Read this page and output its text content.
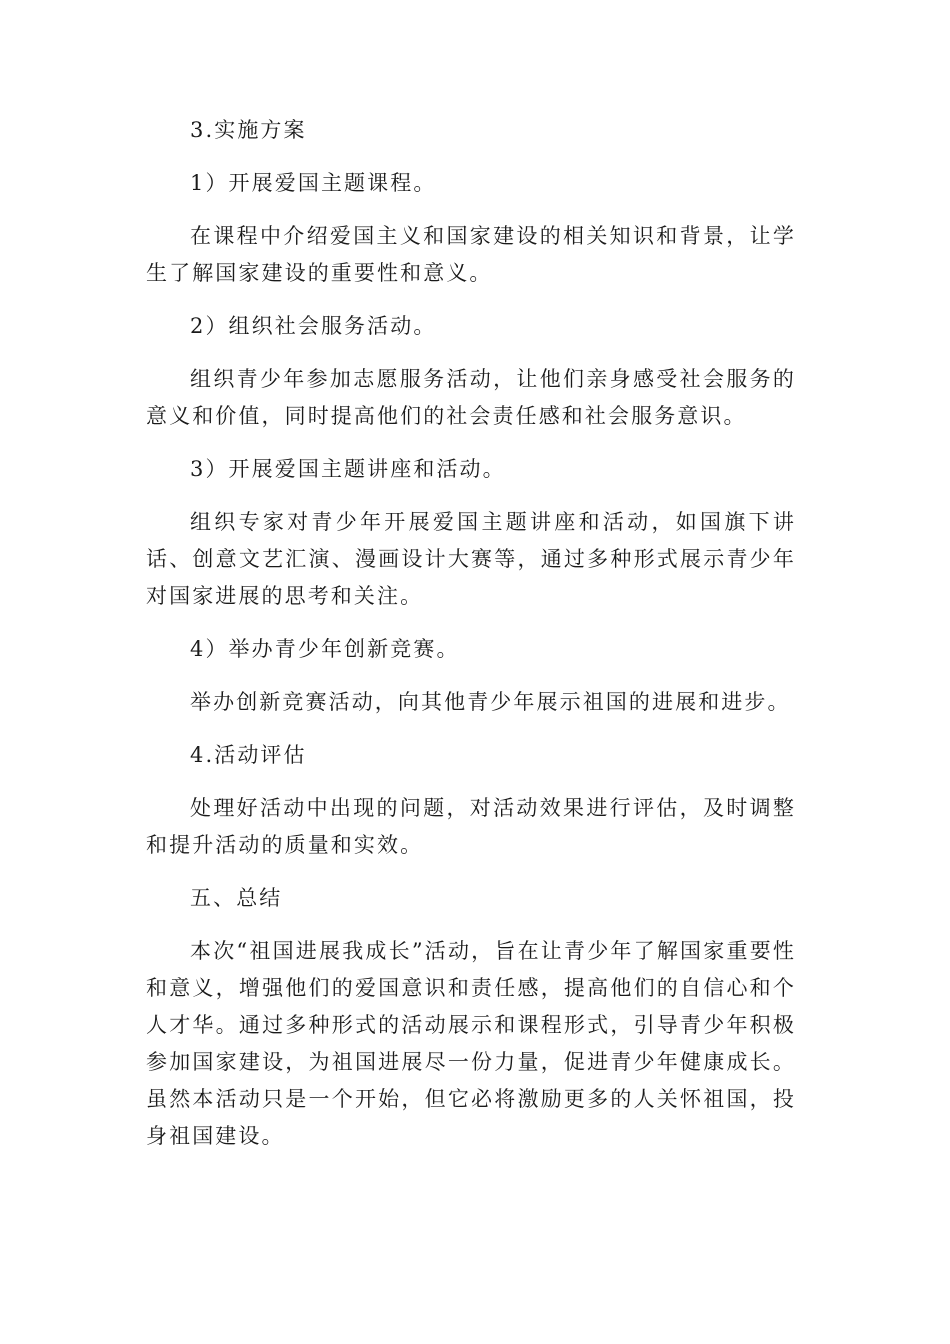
3.实施方案

1）开展爱国主题课程。

在课程中介绍爱国主义和国家建设的相关知识和背景，让学生了解国家建设的重要性和意义。

2）组织社会服务活动。

组织青少年参加志愿服务活动，让他们亲身感受社会服务的意义和价值，同时提高他们的社会责任感和社会服务意识。

3）开展爱国主题讲座和活动。

组织专家对青少年开展爱国主题讲座和活动，如国旗下讲话、创意文艺汇演、漫画设计大赛等，通过多种形式展示青少年对国家进展的思考和关注。

4）举办青少年创新竞赛。

举办创新竞赛活动，向其他青少年展示祖国的进展和进步。

4.活动评估

处理好活动中出现的问题，对活动效果进行评估，及时调整和提升活动的质量和实效。

五、总结

本次“祖国进展我成长”活动，旨在让青少年了解国家重要性和意义，增强他们的爱国意识和责任感，提高他们的自信心和个人才华。通过多种形式的活动展示和课程形式，引导青少年积极参加国家建设，为祖国进展尽一份力量，促进青少年健康成长。虽然本活动只是一个开始，但它必将激励更多的人关怀祖国，投身祖国建设。
